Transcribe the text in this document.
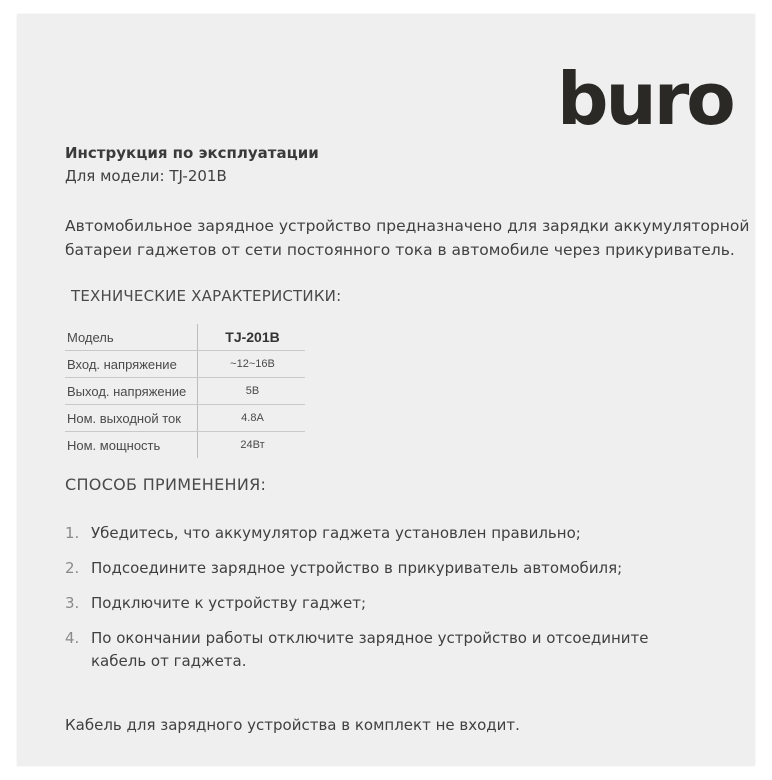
buro
Инструкция по эксплуатации
Для модели: TJ-201B
Автомобильное зарядное устройство предназначено для зарядки аккумуляторной
батареи гаджетов от сети постоянного тока в автомобиле через прикуриватель.
ТЕХНИЧЕСКИЕ ХАРАКТЕРИСТИКИ:
Модель	TJ-201B
Вход. напряжение	~12~16В
Выход. напряжение	5В
Ном. выходной ток	4.8A
Ном. мощность	24Вт
СПОСОБ ПРИМЕНЕНИЯ:
1. Убедитесь, что аккумулятор гаджета установлен правильно;
2. Подсоедините зарядное устройство в прикуриватель автомобиля;
3. Подключите к устройству гаджет;
4. По окончании работы отключите зарядное устройство и отсоедините кабель от гаджета.
Кабель для зарядного устройства в комплект не входит.
